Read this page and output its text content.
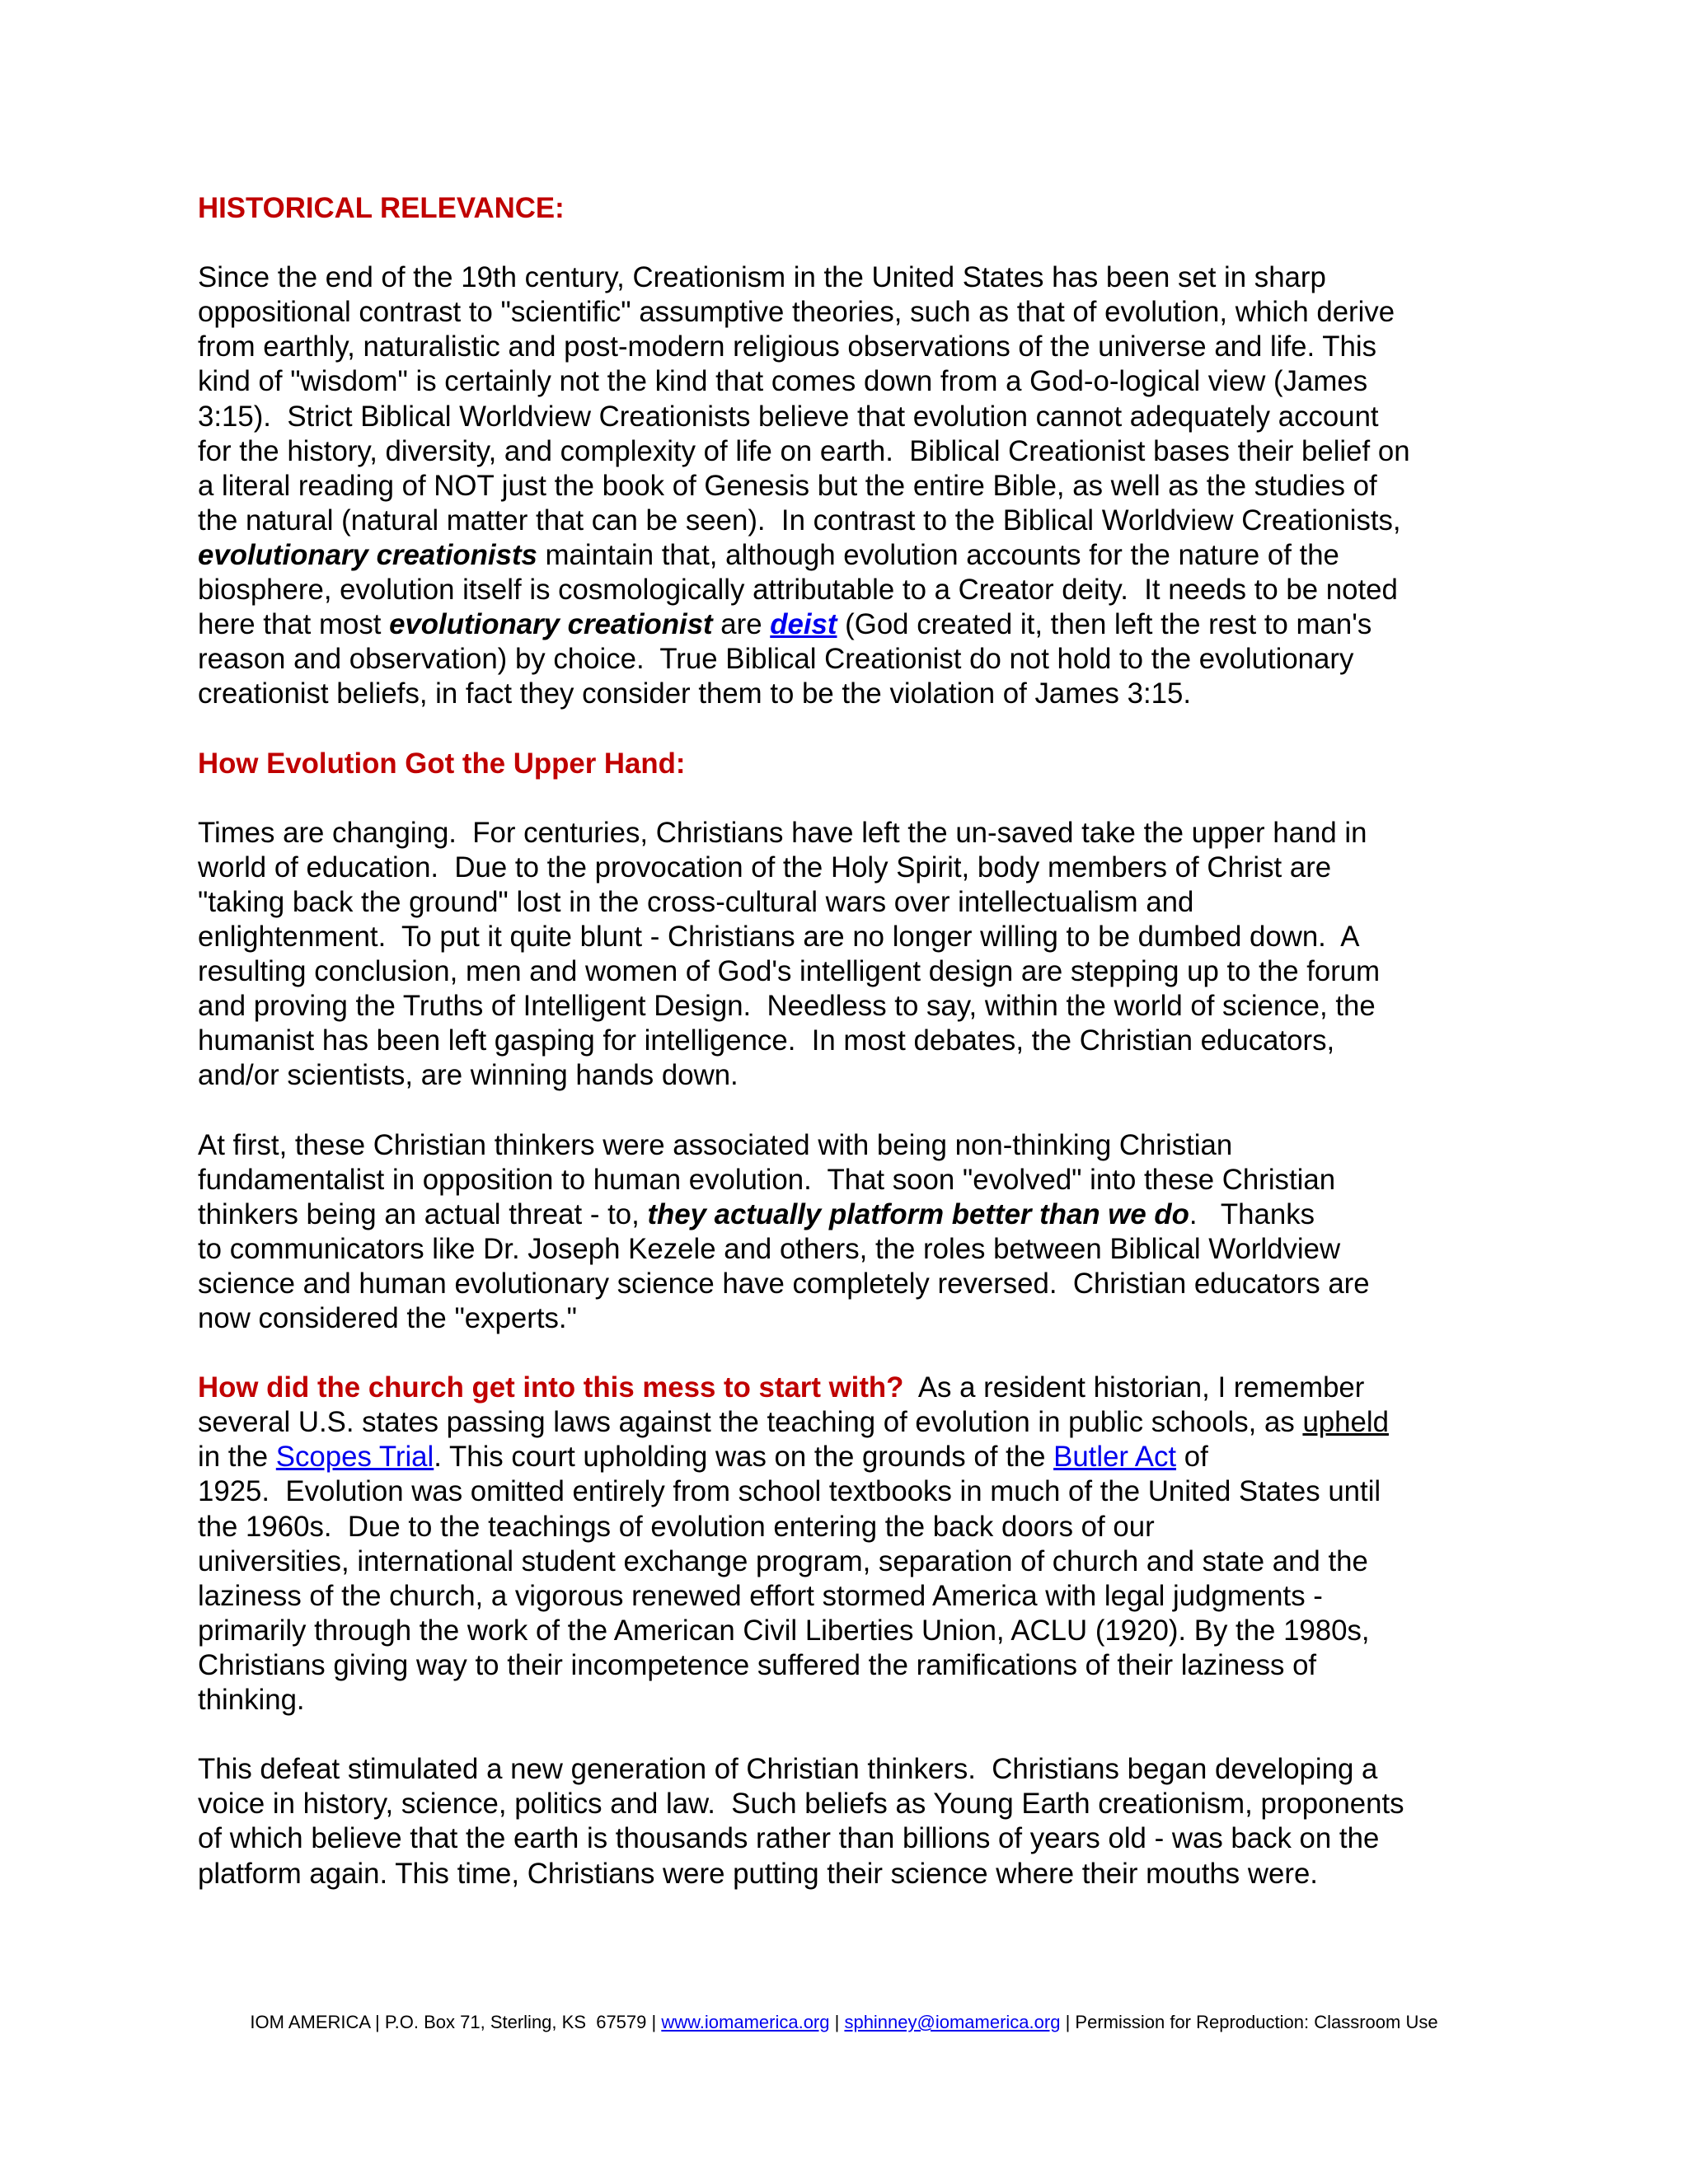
HISTORICAL RELEVANCE:
Since the end of the 19th century, Creationism in the United States has been set in sharp
oppositional contrast to "scientific" assumptive theories, such as that of evolution, which derive
from earthly, naturalistic and post-modern religious observations of the universe and life. This
kind of "wisdom" is certainly not the kind that comes down from a God-o-logical view (James
3:15).  Strict Biblical Worldview Creationists believe that evolution cannot adequately account
for the history, diversity, and complexity of life on earth.  Biblical Creationist bases their belief on
a literal reading of NOT just the book of Genesis but the entire Bible, as well as the studies of
the natural (natural matter that can be seen).  In contrast to the Biblical Worldview Creationists,
evolutionary creationists maintain that, although evolution accounts for the nature of the
biosphere, evolution itself is cosmologically attributable to a Creator deity.  It needs to be noted
here that most evolutionary creationist are deist (God created it, then left the rest to man's
reason and observation) by choice.  True Biblical Creationist do not hold to the evolutionary
creationist beliefs, in fact they consider them to be the violation of James 3:15.
How Evolution Got the Upper Hand:
Times are changing.  For centuries, Christians have left the un-saved take the upper hand in
world of education.  Due to the provocation of the Holy Spirit, body members of Christ are
"taking back the ground" lost in the cross-cultural wars over intellectualism and
enlightenment.  To put it quite blunt - Christians are no longer willing to be dumbed down.  A
resulting conclusion, men and women of God's intelligent design are stepping up to the forum
and proving the Truths of Intelligent Design.  Needless to say, within the world of science, the
humanist has been left gasping for intelligence.  In most debates, the Christian educators,
and/or scientists, are winning hands down.
At first, these Christian thinkers were associated with being non-thinking Christian
fundamentalist in opposition to human evolution.  That soon "evolved" into these Christian
thinkers being an actual threat - to, they actually platform better than we do.   Thanks
to communicators like Dr. Joseph Kezele and others, the roles between Biblical Worldview
science and human evolutionary science have completely reversed.  Christian educators are
now considered the "experts."
How did the church get into this mess to start with?  As a resident historian, I remember
several U.S. states passing laws against the teaching of evolution in public schools, as upheld
in the Scopes Trial. This court upholding was on the grounds of the Butler Act of
1925.  Evolution was omitted entirely from school textbooks in much of the United States until
the 1960s.  Due to the teachings of evolution entering the back doors of our
universities, international student exchange program, separation of church and state and the
laziness of the church, a vigorous renewed effort stormed America with legal judgments -
primarily through the work of the American Civil Liberties Union, ACLU (1920). By the 1980s,
Christians giving way to their incompetence suffered the ramifications of their laziness of
thinking.
This defeat stimulated a new generation of Christian thinkers.  Christians began developing a
voice in history, science, politics and law.  Such beliefs as Young Earth creationism, proponents
of which believe that the earth is thousands rather than billions of years old - was back on the
platform again. This time, Christians were putting their science where their mouths were.
IOM AMERICA | P.O. Box 71, Sterling, KS  67579 | www.iomamerica.org | sphinney@iomamerica.org | Permission for Reproduction: Classroom Use
